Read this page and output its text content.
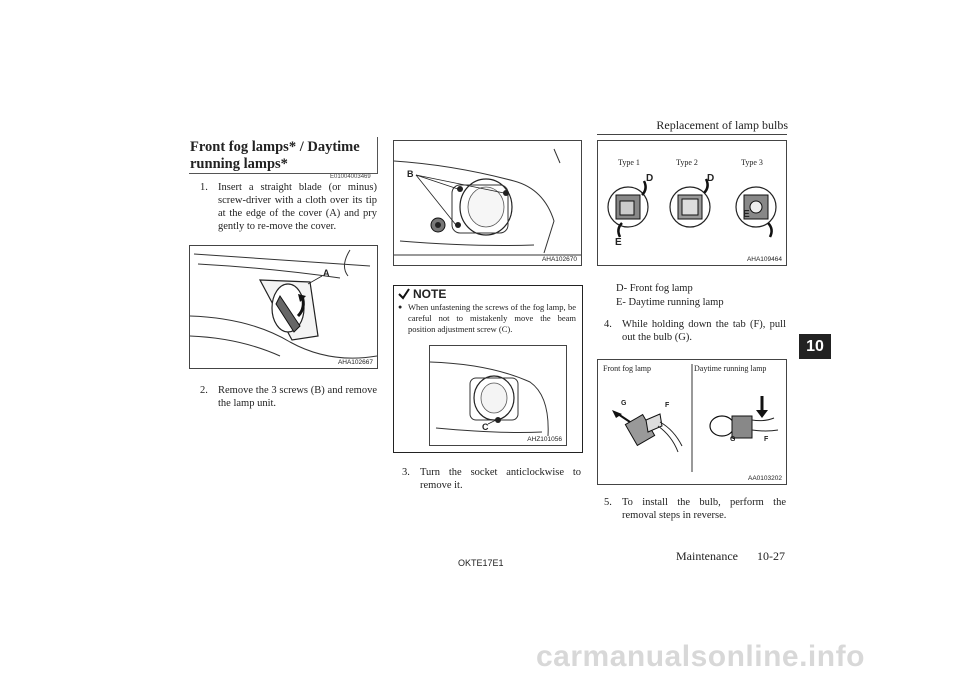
Replacement of lamp bulbs
10
Front fog lamps* / Daytime running lamps*
E01004003469
1. Insert a straight blade (or minus) screw-driver with a cloth over its tip at the edge of the cover (A) and pry gently to re-move the cover.
A
AHA102667
2. Remove the 3 screws (B) and remove the lamp unit.
B
AHA102670
NOTE
● When unfastening the screws of the fog lamp, be careful not to mistakenly move the beam position adjustment screw (C).
C
AHZ101056
3. Turn the socket anticlockwise to remove it.
Type 1	Type 2	Type 3
D
E
D
E
AHA109464
D- Front fog lamp
E- Daytime running lamp
4. While holding down the tab (F), pull out the bulb (G).
Front fog lamp	Daytime running lamp
G	F
G	F
AA0103202
5. To install the bulb, perform the removal steps in reverse.
OKTE17E1	Maintenance 10-27
carmanualsonline.info
